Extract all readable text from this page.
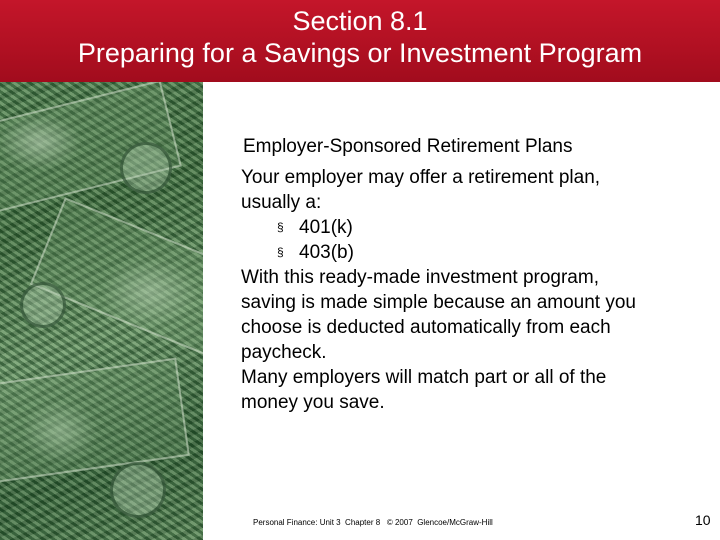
Section 8.1
Preparing for a Savings or Investment Program
Employer-Sponsored Retirement Plans
Your employer may offer a retirement plan,
usually a:
§ 401(k)
§ 403(b)
With this ready-made investment program,
saving is made simple because an amount you
choose is deducted automatically from each
paycheck.
Many employers will match part or all of the
money you save.
Personal Finance: Unit 3  Chapter 8   © 2007  Glencoe/McGraw-Hill	10
